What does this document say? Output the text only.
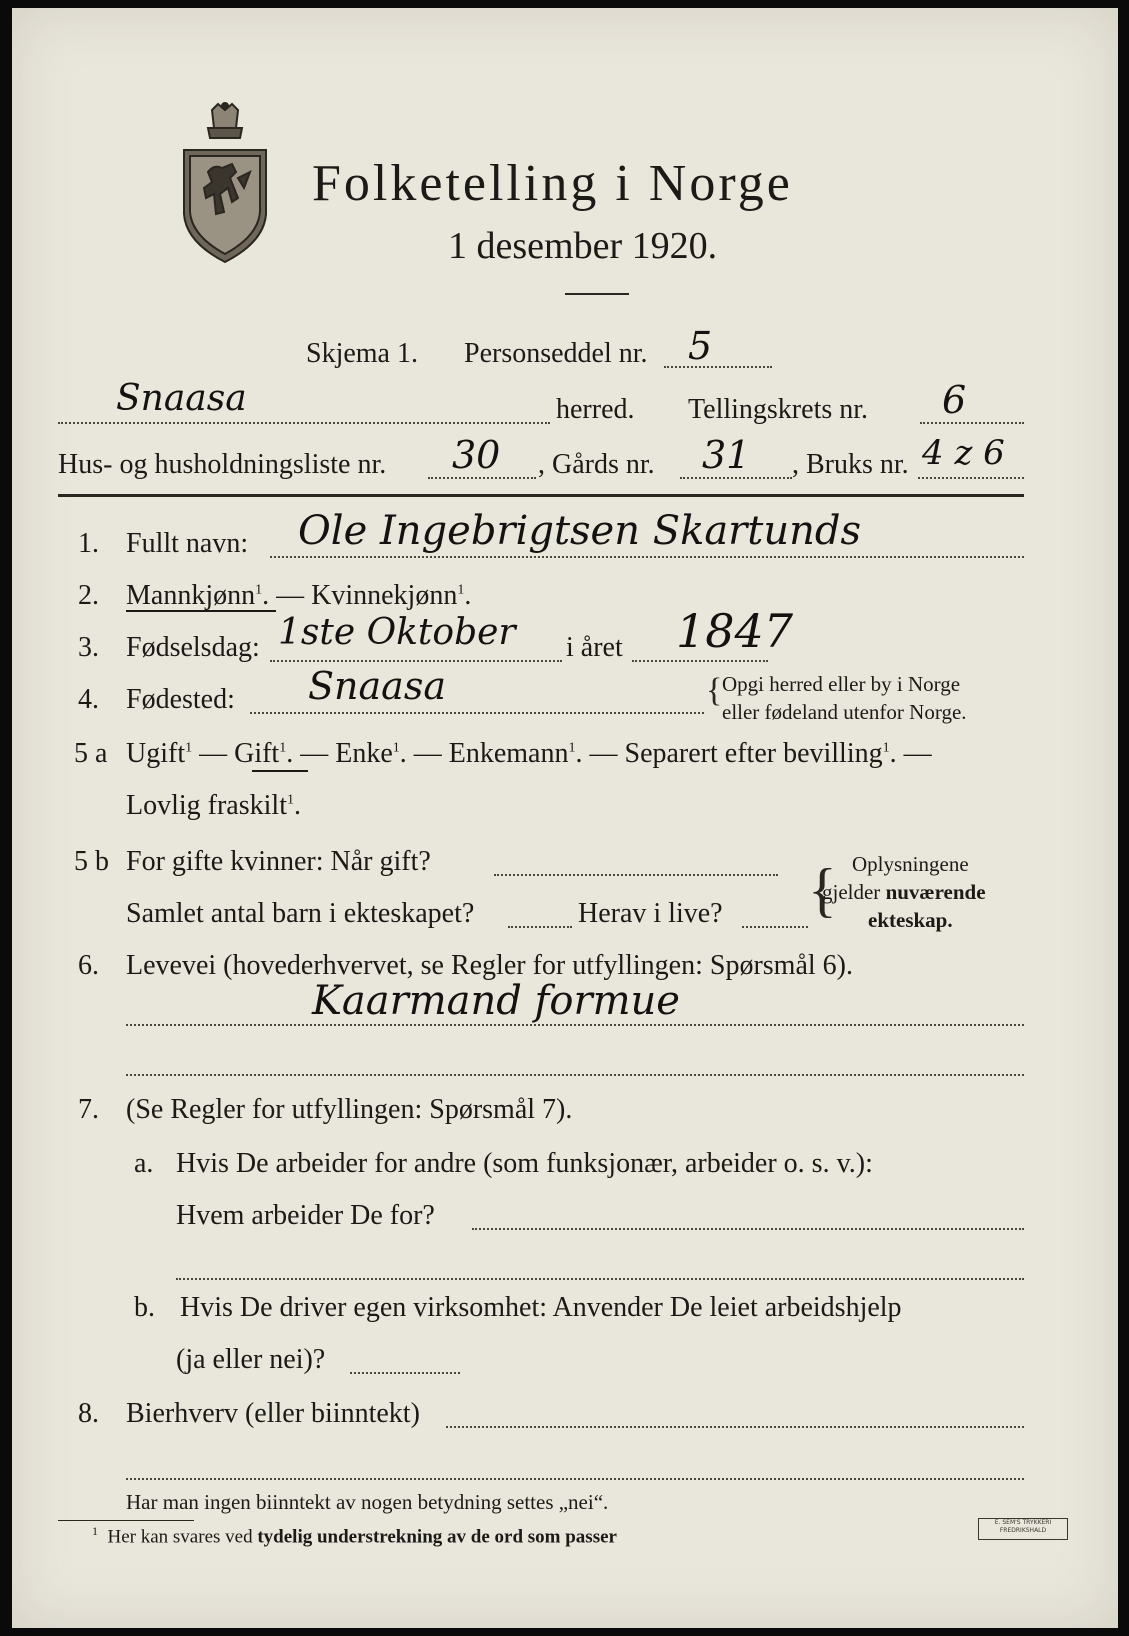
Folketelling i Norge
1 desember 1920.
Skjema 1. Personseddel nr. 5
Snaasa	herred. Tellingskrets nr. 6
Hus- og husholdningsliste nr. 30 , Gårds nr. 31 , Bruks nr. 4 z 6
1. Fullt navn: Ole Ingebrigtsen Skartunds
2. Mannkjønn$^1$. — Kvinnekjønn$^1$.
3. Fødselsdag: 1ste Oktober i året 1847
4. Fødested: Snaasa	{ Opgi herred eller by i Norge
eller fødeland utenfor Norge.
5 a Ugift$^1$ — Gift$^1$. — Enke$^1$. — Enkemann$^1$. — Separert efter bevilling$^1$. —
Lovlig fraskilt$^1$.
5 b For gifte kvinner: Når gift?
Samlet antal barn i ekteskapet?	Herav i live? { Oplysningene
gjelder nuværende
ekteskap.
6. Levevei (hovederhvervet, se Regler for utfyllingen: Spørsmål 6).
Kaarmand formue
7. (Se Regler for utfyllingen: Spørsmål 7).
a. Hvis De arbeider for andre (som funksjonær, arbeider o. s. v.):
Hvem arbeider De for?
b. Hvis De driver egen virksomhet: Anvender De leiet arbeidshjelp
(ja eller nei)?
8. Bierhverv (eller biinntekt)
Har man ingen biinntekt av nogen betydning settes „nei“.
$^1$ Her kan svares ved tydelig understrekning av de ord som passer
E. SEM'S TRYKKERI
FREDRIKSHALD
